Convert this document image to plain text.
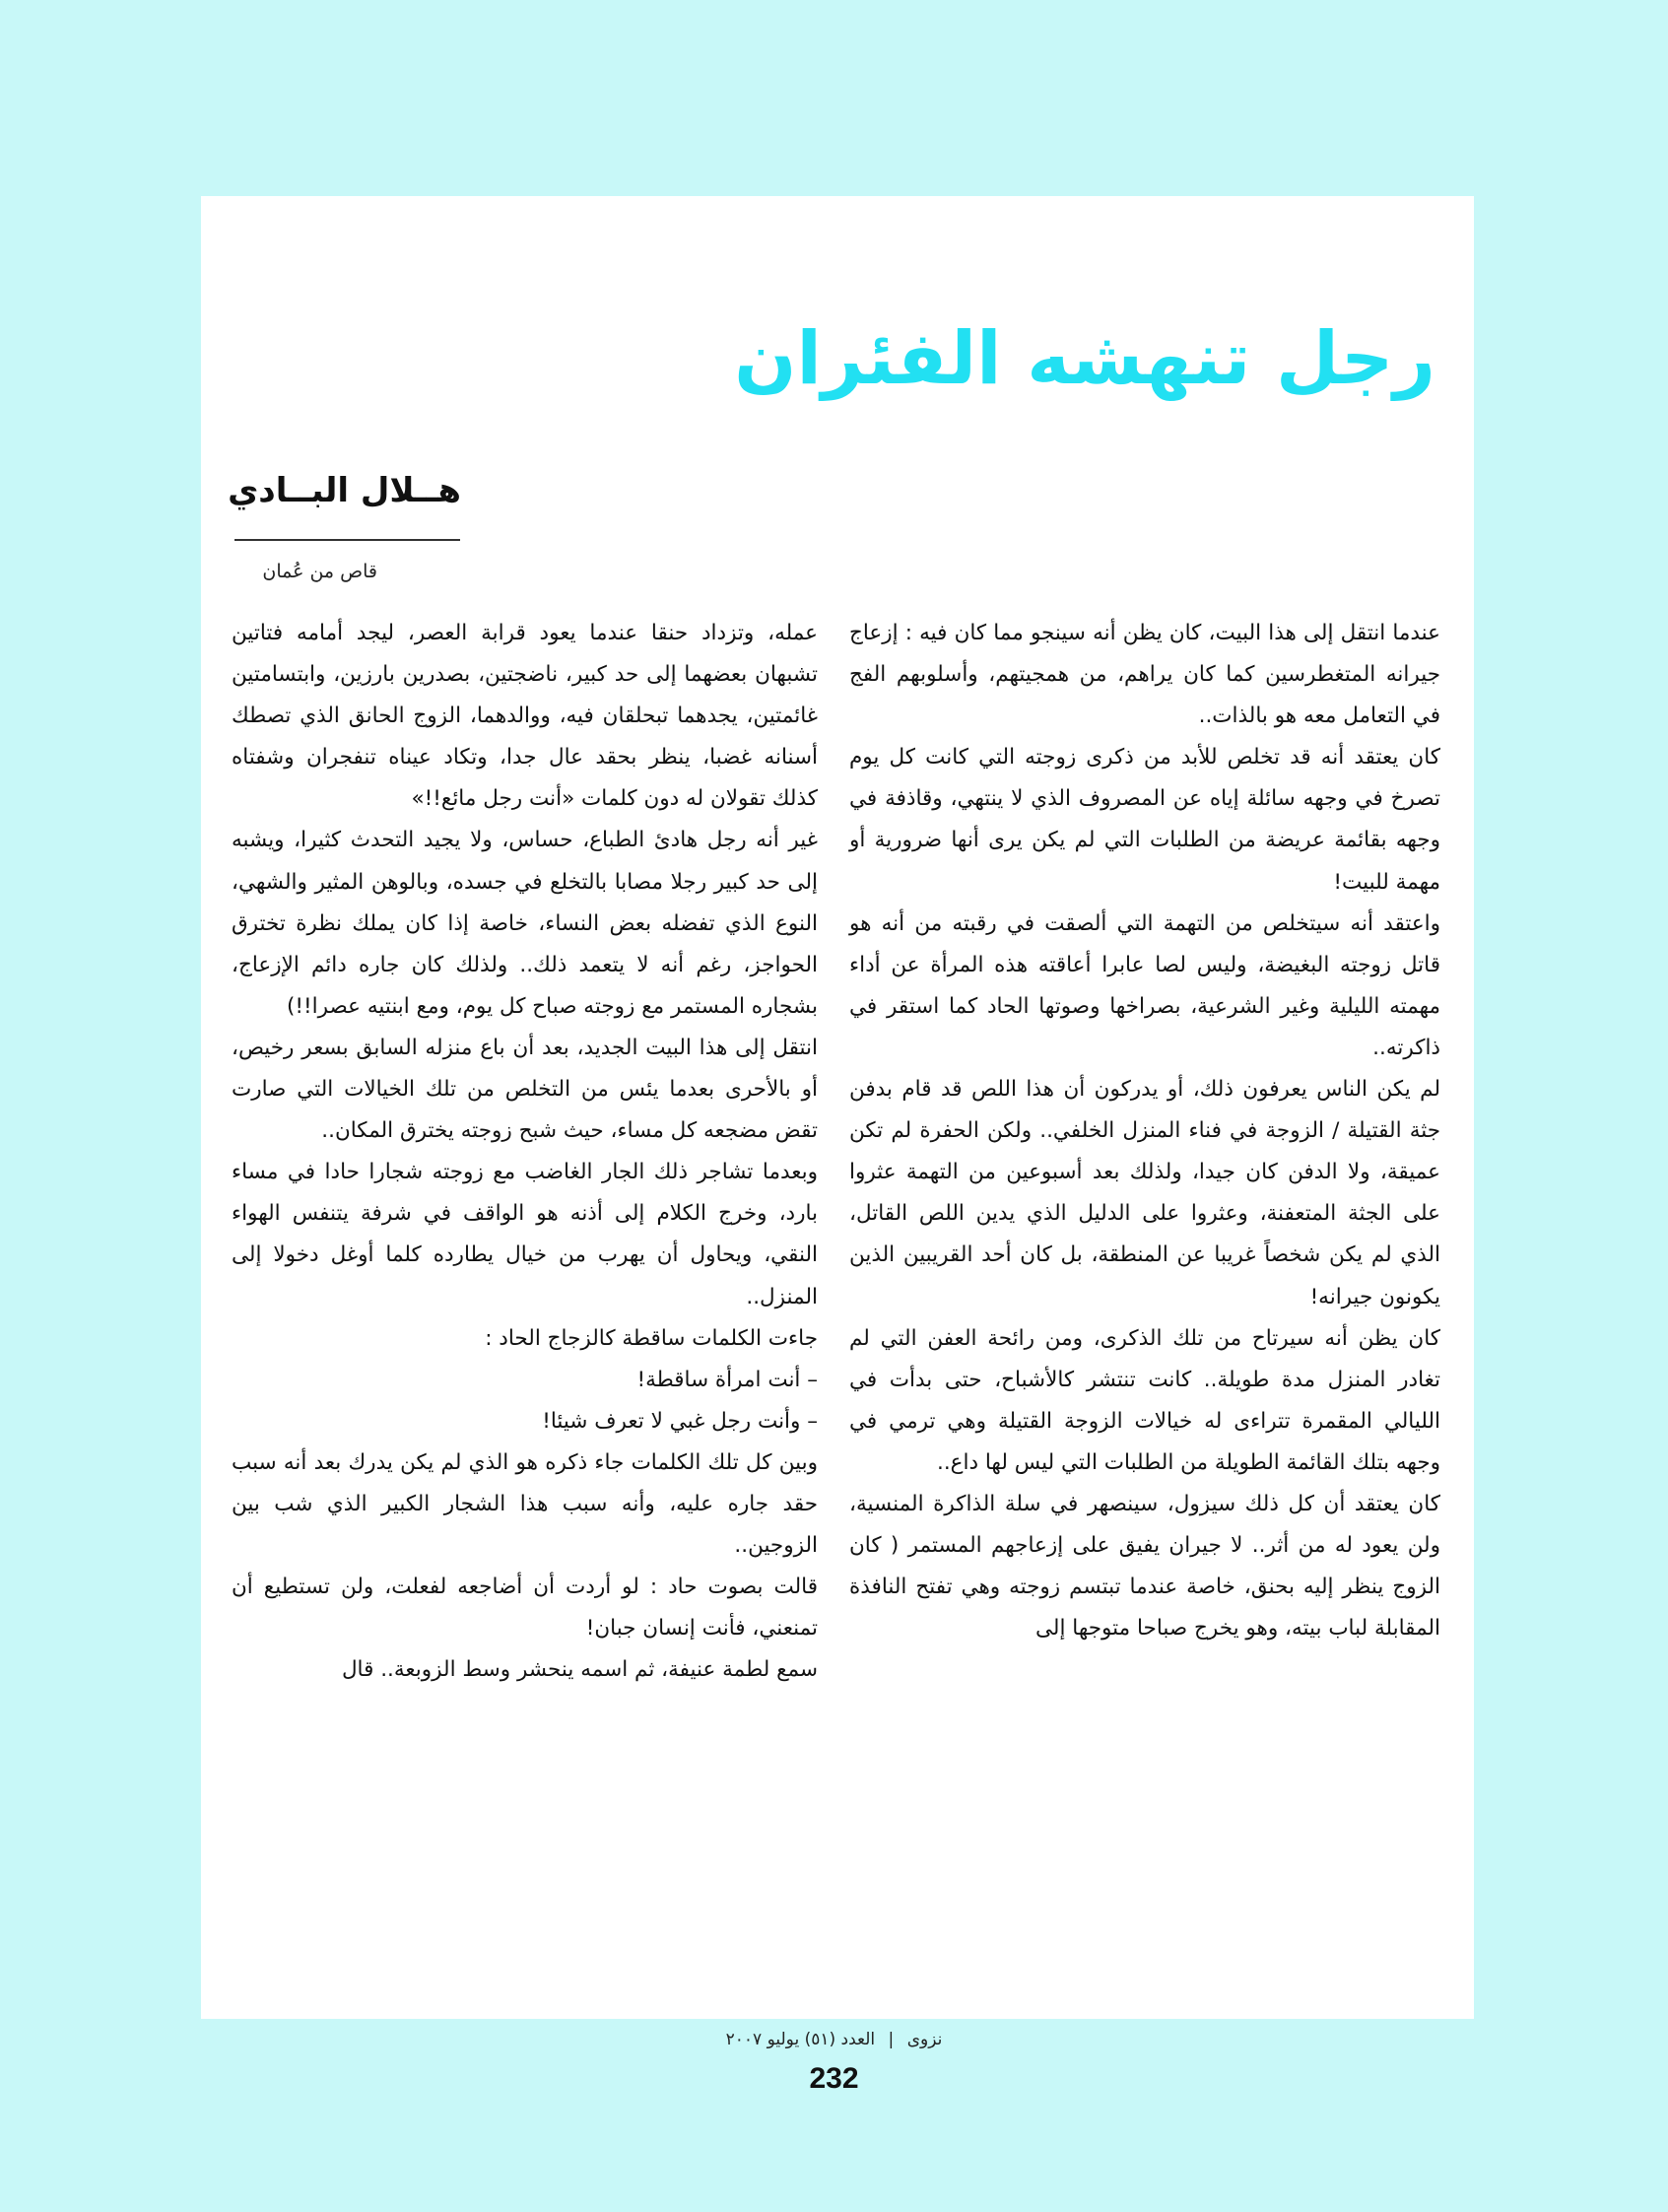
رجل تنهشه الفئران
هــلال البــادي

قاص من عُمان

عندما انتقل إلى هذا البيت، كان يظن أنه سينجو مما كان فيه : إزعاج جيرانه المتغطرسين كما كان يراهم، من همجيتهم، وأسلوبهم الفج في التعامل معه هو بالذات..

كان يعتقد أنه قد تخلص للأبد من ذكرى زوجته التي كانت كل يوم تصرخ في وجهه سائلة إياه عن المصروف الذي لا ينتهي، وقاذفة في وجهه بقائمة عريضة من الطلبات التي لم يكن يرى أنها ضرورية أو مهمة للبيت!

واعتقد أنه سيتخلص من التهمة التي ألصقت في رقبته من أنه هو قاتل زوجته البغيضة، وليس لصا عابرا أعاقته هذه المرأة عن أداء مهمته الليلية وغير الشرعية، بصراخها وصوتها الحاد كما استقر في ذاكرته..

لم يكن الناس يعرفون ذلك، أو يدركون أن هذا اللص قد قام بدفن جثة القتيلة / الزوجة في فناء المنزل الخلفي.. ولكن الحفرة لم تكن عميقة، ولا الدفن كان جيدا، ولذلك بعد أسبوعين من التهمة عثروا على الجثة المتعفنة، وعثروا على الدليل الذي يدين اللص القاتل، الذي لم يكن شخصاً غريبا عن المنطقة، بل كان أحد القريبين الذين يكونون جيرانه!

كان يظن أنه سيرتاح من تلك الذكرى، ومن رائحة العفن التي لم تغادر المنزل مدة طويلة.. كانت تنتشر كالأشباح، حتى بدأت في الليالي المقمرة تتراءى له خيالات الزوجة القتيلة وهي ترمي في وجهه بتلك القائمة الطويلة من الطلبات التي ليس لها داع..

كان يعتقد أن كل ذلك سيزول، سينصهر في سلة الذاكرة المنسية، ولن يعود له من أثر.. لا جيران يفيق على إزعاجهم المستمر ( كان الزوج ينظر إليه بحنق، خاصة عندما تبتسم زوجته وهي تفتح النافذة المقابلة لباب بيته، وهو يخرج صباحا متوجها إلى

عمله، وتزداد حنقا عندما يعود قرابة العصر، ليجد أمامه فتاتين تشبهان بعضهما إلى حد كبير، ناضجتين، بصدرين بارزين، وابتسامتين غائمتين، يجدهما تبحلقان فيه، ووالدهما، الزوج الحانق الذي تصطك أسنانه غضبا، ينظر بحقد عال جدا، وتكاد عيناه تنفجران وشفتاه كذلك تقولان له دون كلمات «أنت رجل مائع!!»

غير أنه رجل هادئ الطباع، حساس، ولا يجيد التحدث كثيرا، ويشبه إلى حد كبير رجلا مصابا بالتخلع في جسده، وبالوهن المثير والشهي، النوع الذي تفضله بعض النساء، خاصة إذا كان يملك نظرة تخترق الحواجز، رغم أنه لا يتعمد ذلك.. ولذلك كان جاره دائم الإزعاج، بشجاره المستمر مع زوجته صباح كل يوم، ومع ابنتيه عصرا!!)

انتقل إلى هذا البيت الجديد، بعد أن باع منزله السابق بسعر رخيص، أو بالأحرى بعدما يئس من التخلص من تلك الخيالات التي صارت تقض مضجعه كل مساء، حيث شبح زوجته يخترق المكان..

وبعدما تشاجر ذلك الجار الغاضب مع زوجته شجارا حادا في مساء بارد، وخرج الكلام إلى أذنه هو الواقف في شرفة يتنفس الهواء النقي، ويحاول أن يهرب من خيال يطارده كلما أوغل دخولا إلى المنزل..

جاءت الكلمات ساقطة كالزجاج الحاد :

– أنت امرأة ساقطة!

– وأنت رجل غبي لا تعرف شيئا!

وبين كل تلك الكلمات جاء ذكره هو الذي لم يكن يدرك بعد أنه سبب حقد جاره عليه، وأنه سبب هذا الشجار الكبير الذي شب بين الزوجين..

قالت بصوت حاد : لو أردت أن أضاجعه لفعلت، ولن تستطيع أن تمنعني، فأنت إنسان جبان!

سمع لطمة عنيفة، ثم اسمه ينحشر وسط الزوبعة.. قال

نزوى | العدد (٥١) يوليو ٢٠٠٧
232
